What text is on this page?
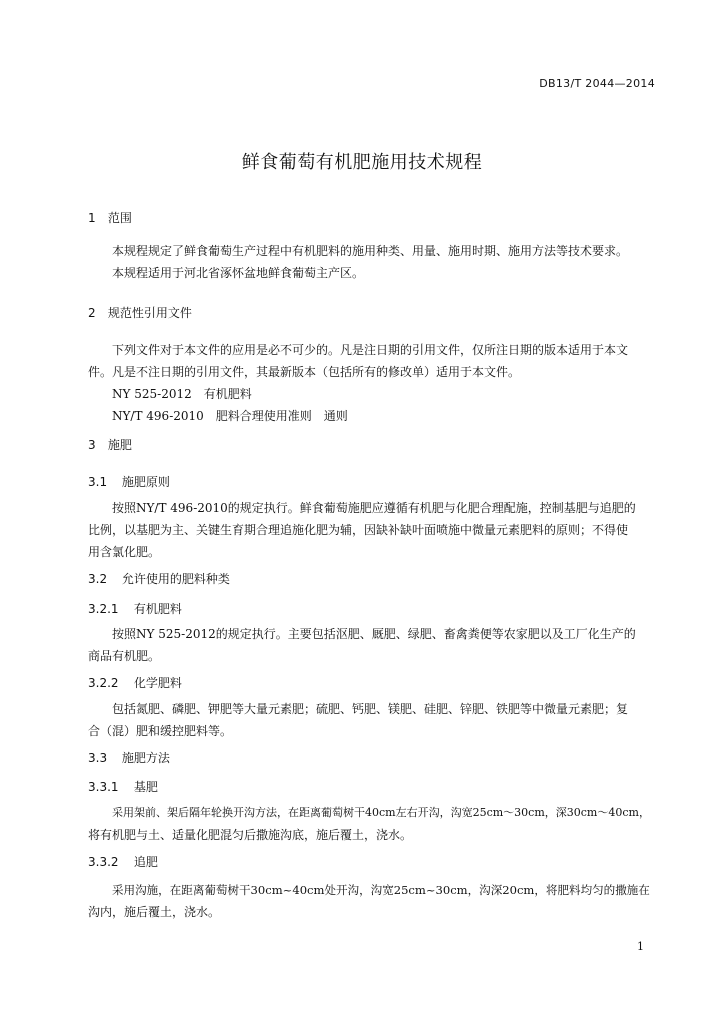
DB13/T 2044—2014
鲜食葡萄有机肥施用技术规程
1 范围
本规程规定了鲜食葡萄生产过程中有机肥料的施用种类、用量、施用时期、施用方法等技术要求。
本规程适用于河北省涿怀盆地鲜食葡萄主产区。
2 规范性引用文件
下列文件对于本文件的应用是必不可少的。凡是注日期的引用文件，仅所注日期的版本适用于本文
件。凡是不注日期的引用文件，其最新版本（包括所有的修改单）适用于本文件。
NY 525-2012　有机肥料
NY/T 496-2010　肥料合理使用准则　通则
3 施肥
3.1 施肥原则
按照NY/T 496-2010的规定执行。鲜食葡萄施肥应遵循有机肥与化肥合理配施，控制基肥与追肥的
比例，以基肥为主、关键生育期合理追施化肥为辅，因缺补缺叶面喷施中微量元素肥料的原则；不得使
用含氯化肥。
3.2 允许使用的肥料种类
3.2.1 有机肥料
按照NY 525-2012的规定执行。主要包括沤肥、厩肥、绿肥、畜禽粪便等农家肥以及工厂化生产的
商品有机肥。
3.2.2 化学肥料
包括氮肥、磷肥、钾肥等大量元素肥；硫肥、钙肥、镁肥、硅肥、锌肥、铁肥等中微量元素肥；复
合（混）肥和缓控肥料等。
3.3 施肥方法
3.3.1 基肥
采用架前、架后隔年轮换开沟方法，在距离葡萄树干40cm左右开沟，沟宽25cm～30cm，深30cm～40cm，
将有机肥与土、适量化肥混匀后撒施沟底，施后覆土，浇水。
3.3.2 追肥
采用沟施，在距离葡萄树干30cm~40cm处开沟，沟宽25cm~30cm，沟深20cm，将肥料均匀的撒施在
沟内，施后覆土，浇水。
1
